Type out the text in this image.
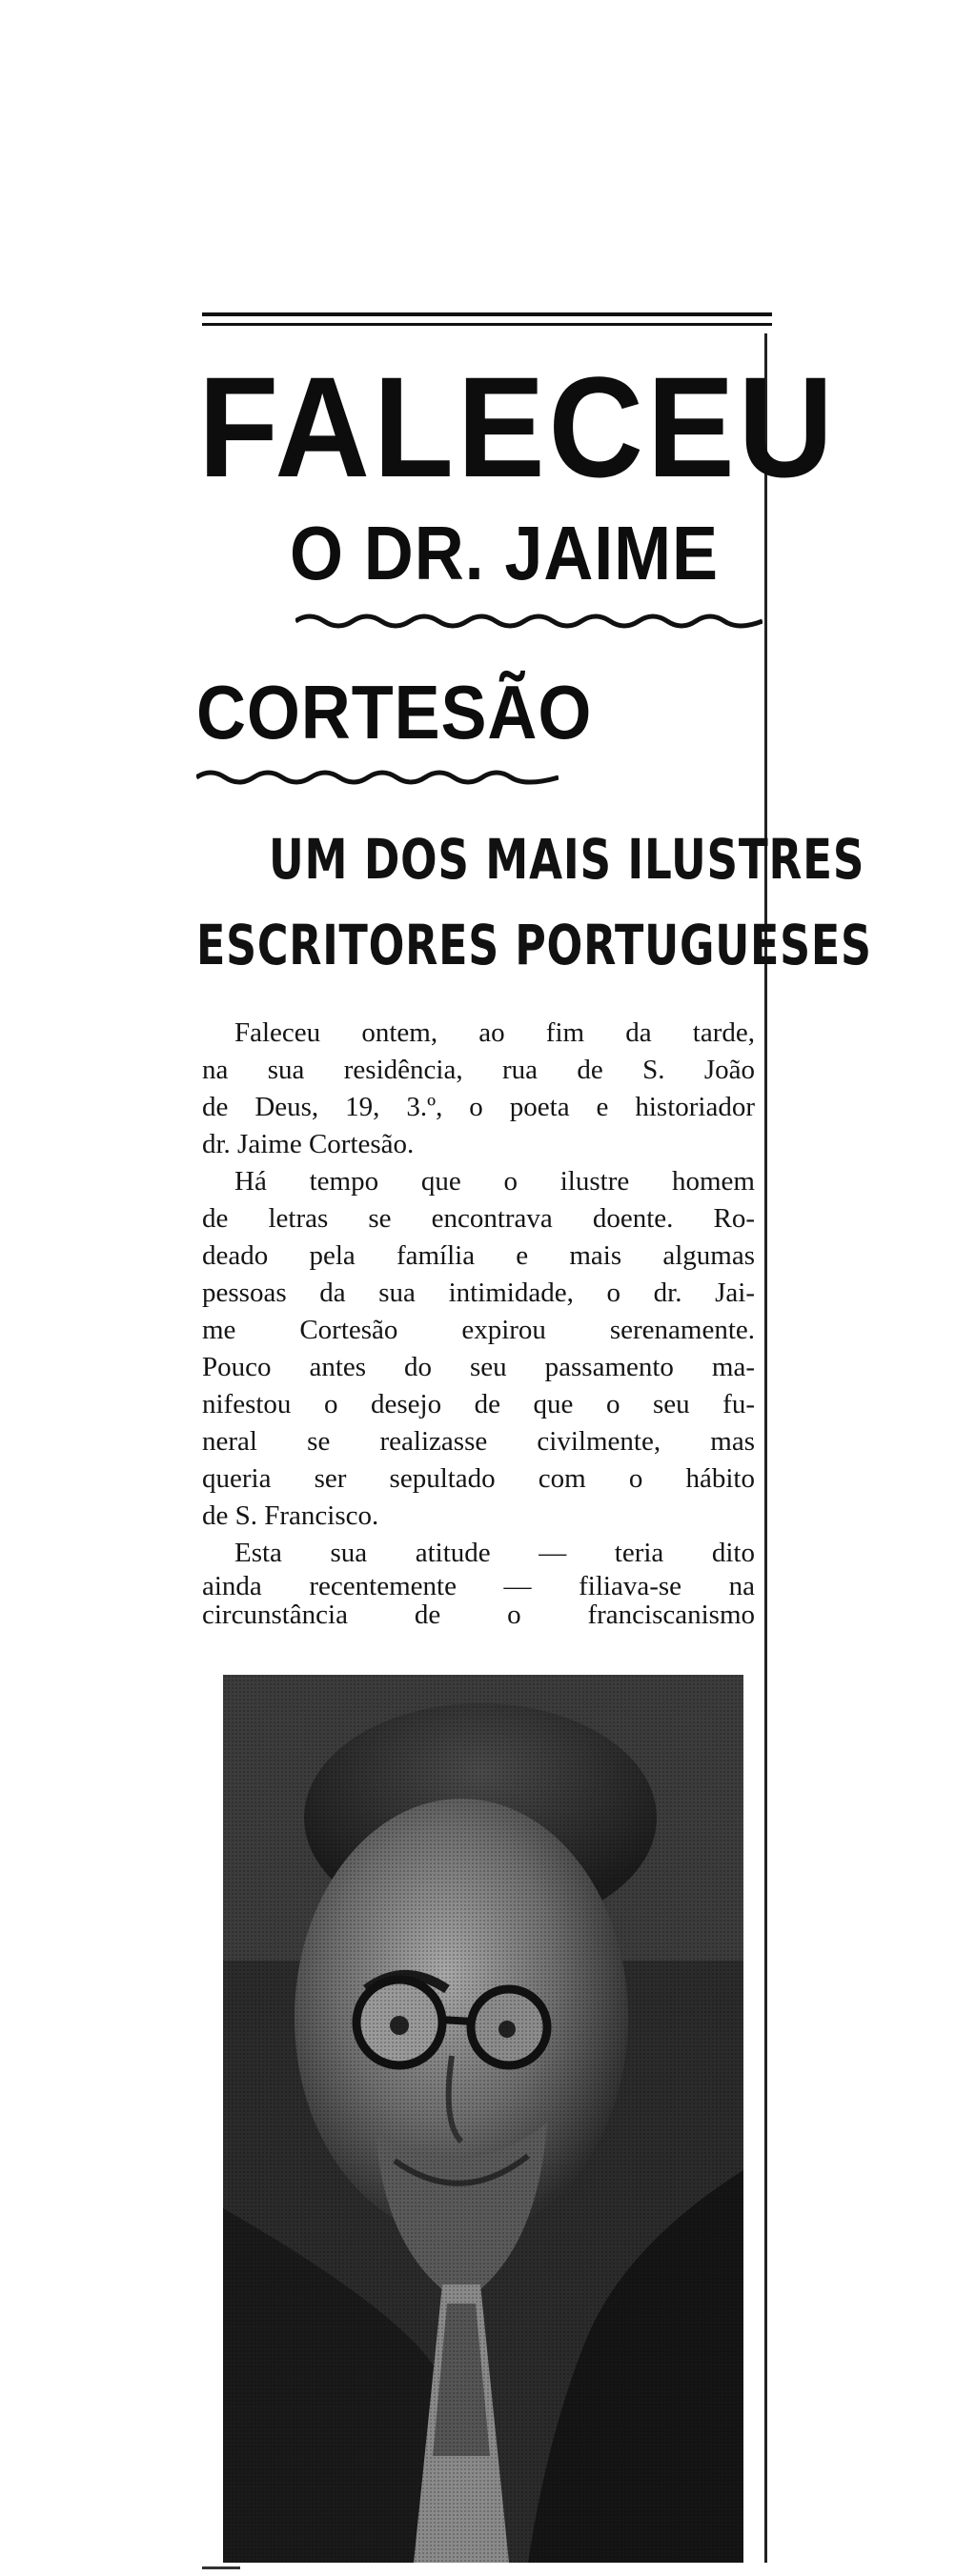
FALECEU
O DR. JAIME
CORTESÃO
UM DOS MAIS ILUSTRES
ESCRITORES PORTUGUESES
Faleceu ontem, ao fim da tarde,
na sua residência, rua de S. João
de Deus, 19, 3.º, o poeta e historiador
dr. Jaime Cortesão.
Há tempo que o ilustre homem
de letras se encontrava doente. Ro-
deado pela família e mais algumas
pessoas da sua intimidade, o dr. Jai-
me Cortesão expirou serenamente.
Pouco antes do seu passamento ma-
nifestou o desejo de que o seu fu-
neral se realizasse civilmente, mas
queria ser sepultado com o hábito
de S. Francisco.
Esta sua atitude — teria dito
ainda recentemente — filiava-se na
circunstância de o franciscanismo
